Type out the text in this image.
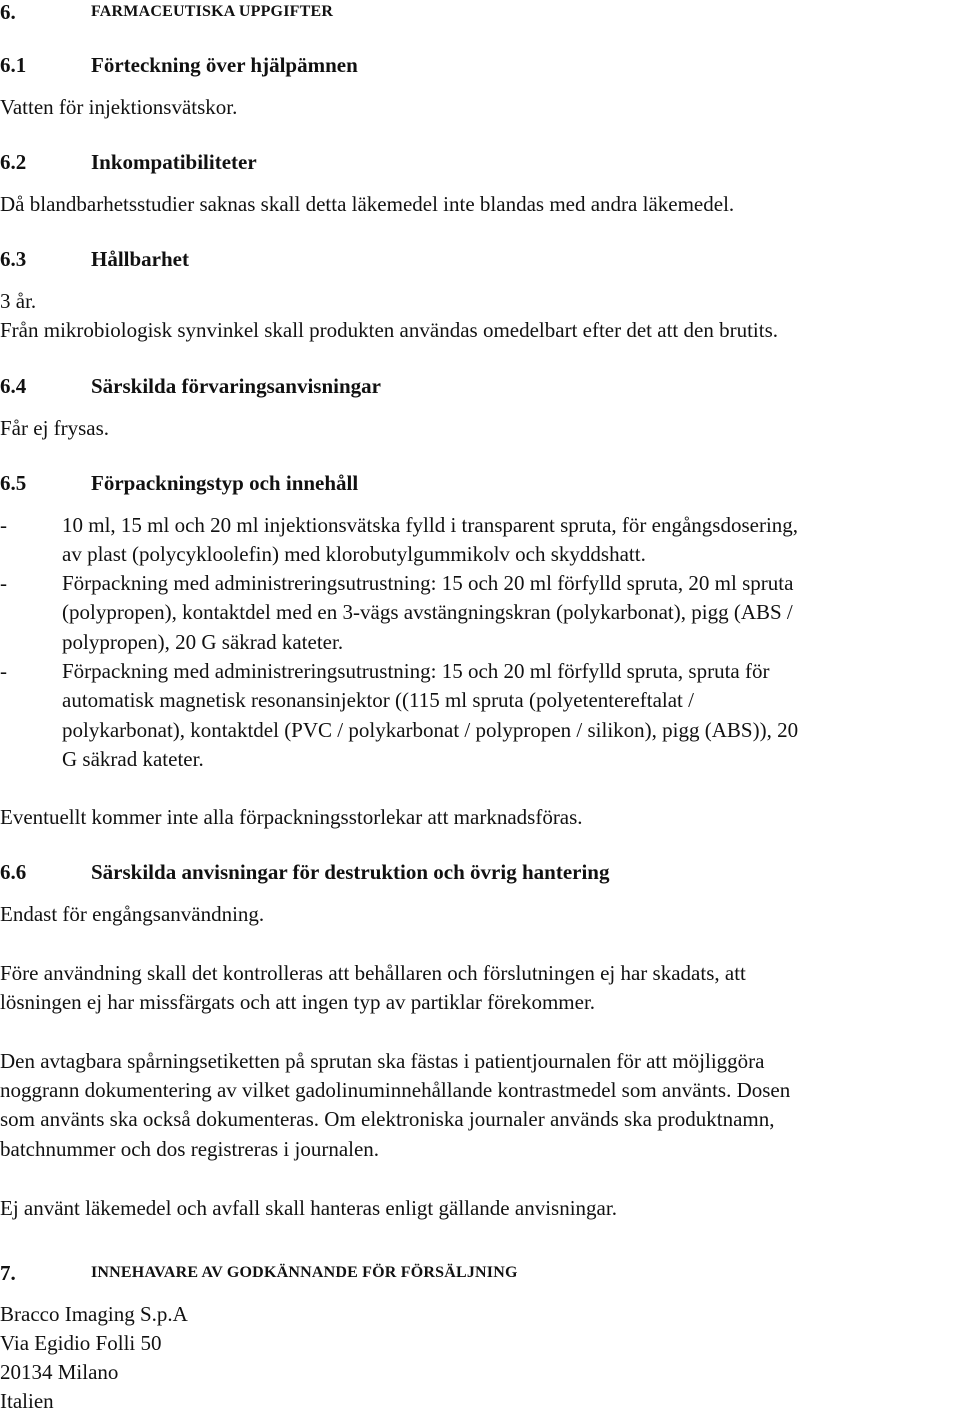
6.	FARMACEUTISKA UPPGIFTER
6.1	Förteckning över hjälpämnen
Vatten för injektionsvätskor.
6.2	Inkompatibiliteter
Då blandbarhetsstudier saknas skall detta läkemedel inte blandas med andra läkemedel.
6.3	Hållbarhet
3 år.
Från mikrobiologisk synvinkel skall produkten användas omedelbart efter det att den brutits.
6.4	Särskilda förvaringsanvisningar
Får ej frysas.
6.5	Förpackningstyp och innehåll
-	10 ml, 15 ml och 20 ml injektionsvätska fylld i transparent spruta, för engångsdosering,
av plast (polycykloolefin) med klorobutylgummikolv och skyddshatt.
-	Förpackning med administreringsutrustning: 15 och 20 ml förfylld spruta, 20 ml spruta
(polypropen), kontaktdel med en 3-vägs avstängningskran (polykarbonat), pigg (ABS /
polypropen), 20 G säkrad kateter.
-	Förpackning med administreringsutrustning: 15 och 20 ml förfylld spruta, spruta för
automatisk magnetisk resonansinjektor ((115 ml spruta (polyetentereftalat /
polykarbonat), kontaktdel (PVC / polykarbonat / polypropen / silikon), pigg (ABS)), 20
G säkrad kateter.
Eventuellt kommer inte alla förpackningsstorlekar att marknadsföras.
6.6	Särskilda anvisningar för destruktion och övrig hantering
Endast för engångsanvändning.
Före användning skall det kontrolleras att behållaren och förslutningen ej har skadats, att
lösningen ej har missfärgats och att ingen typ av partiklar förekommer.
Den avtagbara spårningsetiketten på sprutan ska fästas i patientjournalen för att möjliggöra
noggrann dokumentering av vilket gadolinuminnehållande kontrastmedel som använts. Dosen
som använts ska också dokumenteras. Om elektroniska journaler används ska produktnamn,
batchnummer och dos registreras i journalen.
Ej använt läkemedel och avfall skall hanteras enligt gällande anvisningar.
7.	INNEHAVARE AV GODKÄNNANDE FÖR FÖRSÄLJNING
Bracco Imaging S.p.A
Via Egidio Folli 50
20134 Milano
Italien
